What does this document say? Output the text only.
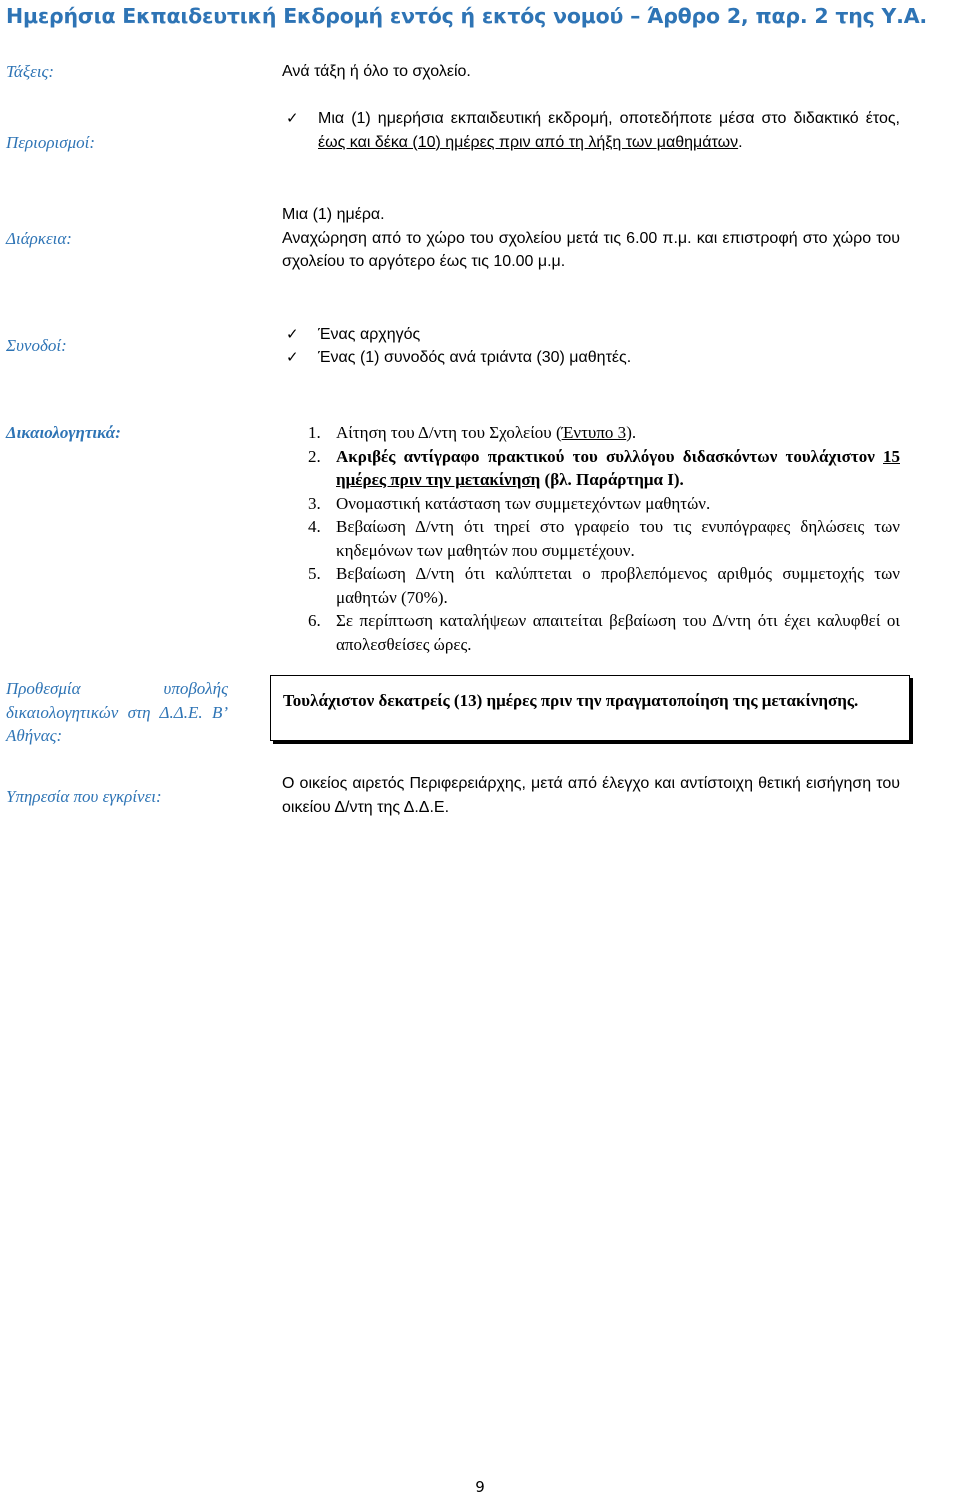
Ημερήσια Εκπαιδευτική Εκδρομή εντός ή εκτός νομού – Άρθρο 2, παρ. 2 της Υ.Α.
Τάξεις:	Ανά τάξη ή όλο το σχολείο.
Περιορισμοί:
✓	Μια (1) ημερήσια εκπαιδευτική εκδρομή, οποτεδήποτε μέσα στο διδακτικό έτος, έως και δέκα (10) ημέρες πριν από τη λήξη των μαθημάτων.
Διάρκεια:
Μια (1) ημέρα.
Αναχώρηση από το χώρο του σχολείου μετά τις 6.00 π.μ. και επιστροφή στο χώρο του σχολείου το αργότερο έως τις 10.00 μ.μ.
Συνοδοί:
✓	Ένας αρχηγός
✓	Ένας (1) συνοδός ανά τριάντα (30) μαθητές.
Δικαιολογητικά:	1. Αίτηση του Δ/ντη του Σχολείου (Έντυπο 3).
2. Ακριβές αντίγραφο πρακτικού του συλλόγου διδασκόντων τουλάχιστον 15 ημέρες πριν την μετακίνηση (βλ. Παράρτημα Ι).
3. Ονομαστική κατάσταση των συμμετεχόντων μαθητών.
4. Βεβαίωση Δ/ντη ότι τηρεί στο γραφείο του τις ενυπόγραφες δηλώσεις των κηδεμόνων των μαθητών που συμμετέχουν.
5. Βεβαίωση Δ/ντη ότι καλύπτεται ο προβλεπόμενος αριθμός συμμετοχής των μαθητών (70%).
6. Σε περίπτωση καταλήψεων απαιτείται βεβαίωση του Δ/ντη ότι έχει καλυφθεί οι απολεσθείσες ώρες.
Προθεσμία υποβολής δικαιολογητικών στη Δ.Δ.Ε. Β’ Αθήνας:
Τουλάχιστον δεκατρείς (13) ημέρες πριν την πραγματοποίηση της μετακίνησης.
Υπηρεσία που εγκρίνει:
Ο οικείος αιρετός Περιφερειάρχης, μετά από έλεγχο και αντίστοιχη θετική εισήγηση του οικείου Δ/ντη της Δ.Δ.Ε.
9
